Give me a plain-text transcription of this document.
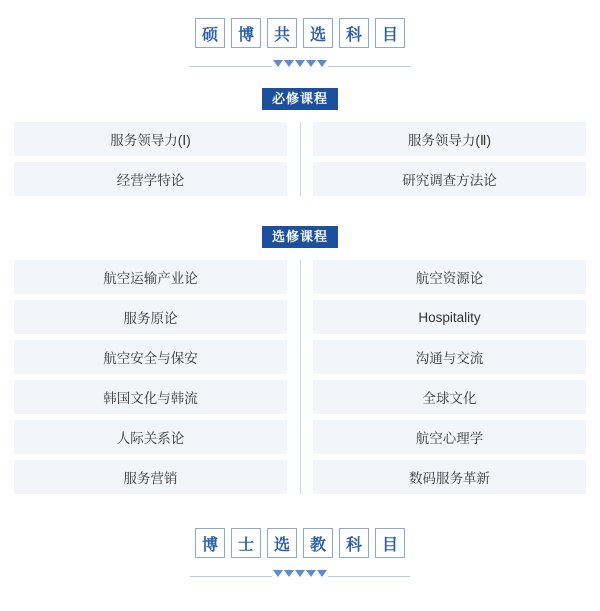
硕	博	共	选	科	目
必修课程
服务领导力(Ⅰ)	服务领导力(Ⅱ)
经营学特论	研究调查方法论
选修课程
航空运输产业论	航空资源论
服务原论	Hospitality
航空安全与保安	沟通与交流
韩国文化与韩流	全球文化
人际关系论	航空心理学
服务营销	数码服务革新
博	士	选	教	科	目
